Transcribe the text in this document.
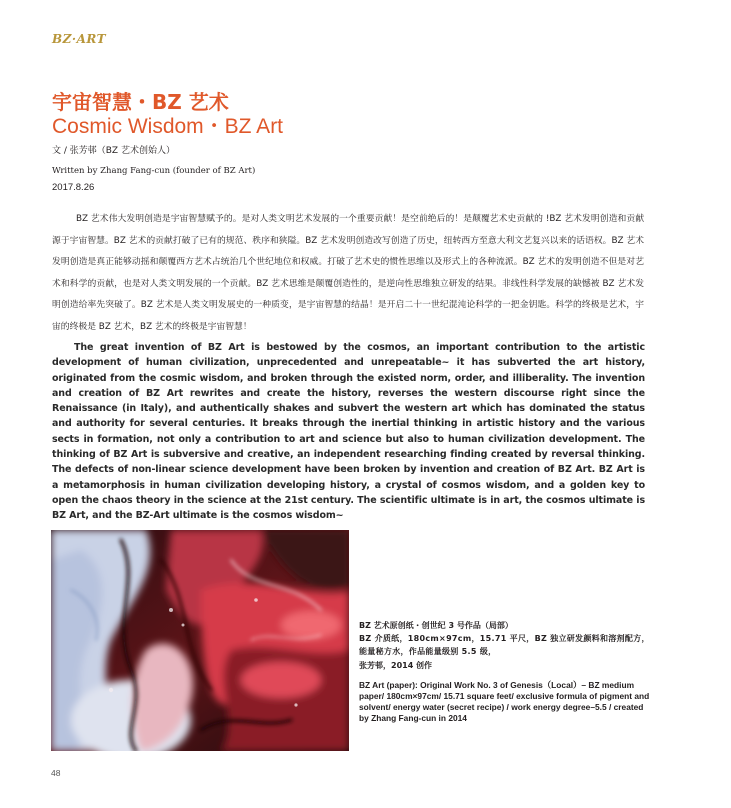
BZ·ART
宇宙智慧・BZ 艺术
Cosmic Wisdom・BZ Art
文 / 张芳邨（BZ 艺术创始人）
Written by Zhang Fang-cun (founder of BZ Art)
2017.8.26

BZ 艺术伟大发明创造是宇宙智慧赋予的。是对人类文明艺术发展的一个重要贡献！是空前绝后的！是颠覆艺术史贡献的 !BZ 艺术发明创造和贡献源于宇宙智慧。BZ 艺术的贡献打破了已有的规范、秩序和狭隘。BZ 艺术发明创造改写创造了历史，纽转西方至意大利文艺复兴以来的话语权。BZ 艺术发明创造是真正能够动摇和颠覆西方艺术占统治几个世纪地位和权威。打破了艺术史的惯性思维以及形式上的各种流派。BZ 艺术的发明创造不但是对艺术和科学的贡献，也是对人类文明发展的一个贡献。BZ 艺术思维是颠覆创造性的，是逆向性思维独立研发的结果。非线性科学发展的缺憾被 BZ 艺术发明创造给率先突破了。BZ 艺术是人类文明发展史的一种质变，是宇宙智慧的结晶！是开启二十一世纪混沌论科学的一把金钥匙。科学的终极是艺术，宇宙的终极是 BZ 艺术，BZ 艺术的终极是宇宙智慧！

The great invention of BZ Art is bestowed by the cosmos, an important contribution to the artistic development of human civilization, unprecedented and unrepeatable~ it has subverted the art history, originated from the cosmic wisdom, and broken through the existed norm, order, and illiberality. The invention and creation of BZ Art rewrites and create the history, reverses the western discourse right since the Renaissance (in Italy), and authentically shakes and subvert the western art which has dominated the status and authority for several centuries. It breaks through the inertial thinking in artistic history and the various sects in formation, not only a contribution to art and science but also to human civilization development. The thinking of BZ Art is subversive and creative, an independent researching finding created by reversal thinking. The defects of non-linear science development have been broken by invention and creation of BZ Art. BZ Art is a metamorphosis in human civilization developing history, a crystal of cosmos wisdom, and a golden key to open the chaos theory in the science at the 21st century. The scientific ultimate is in art, the cosmos ultimate is BZ Art, and the BZ-Art ultimate is the cosmos wisdom~

BZ 艺术原创纸・创世纪 3 号作品（局部）
BZ 介质纸，180cm×97cm，15.71 平尺，BZ 独立研发颜料和溶剂配方，能量秘方水，作品能量级别 5.5 级，
张芳邨，2014 创作
BZ Art (paper): Original Work No. 3 of Genesis（Local）– BZ medium paper/ 180cm×97cm/ 15.71 square feet/ exclusive formula of pigment and solvent/ energy water (secret recipe) / work energy degree–5.5 / created by Zhang Fang-cun in 2014
48
